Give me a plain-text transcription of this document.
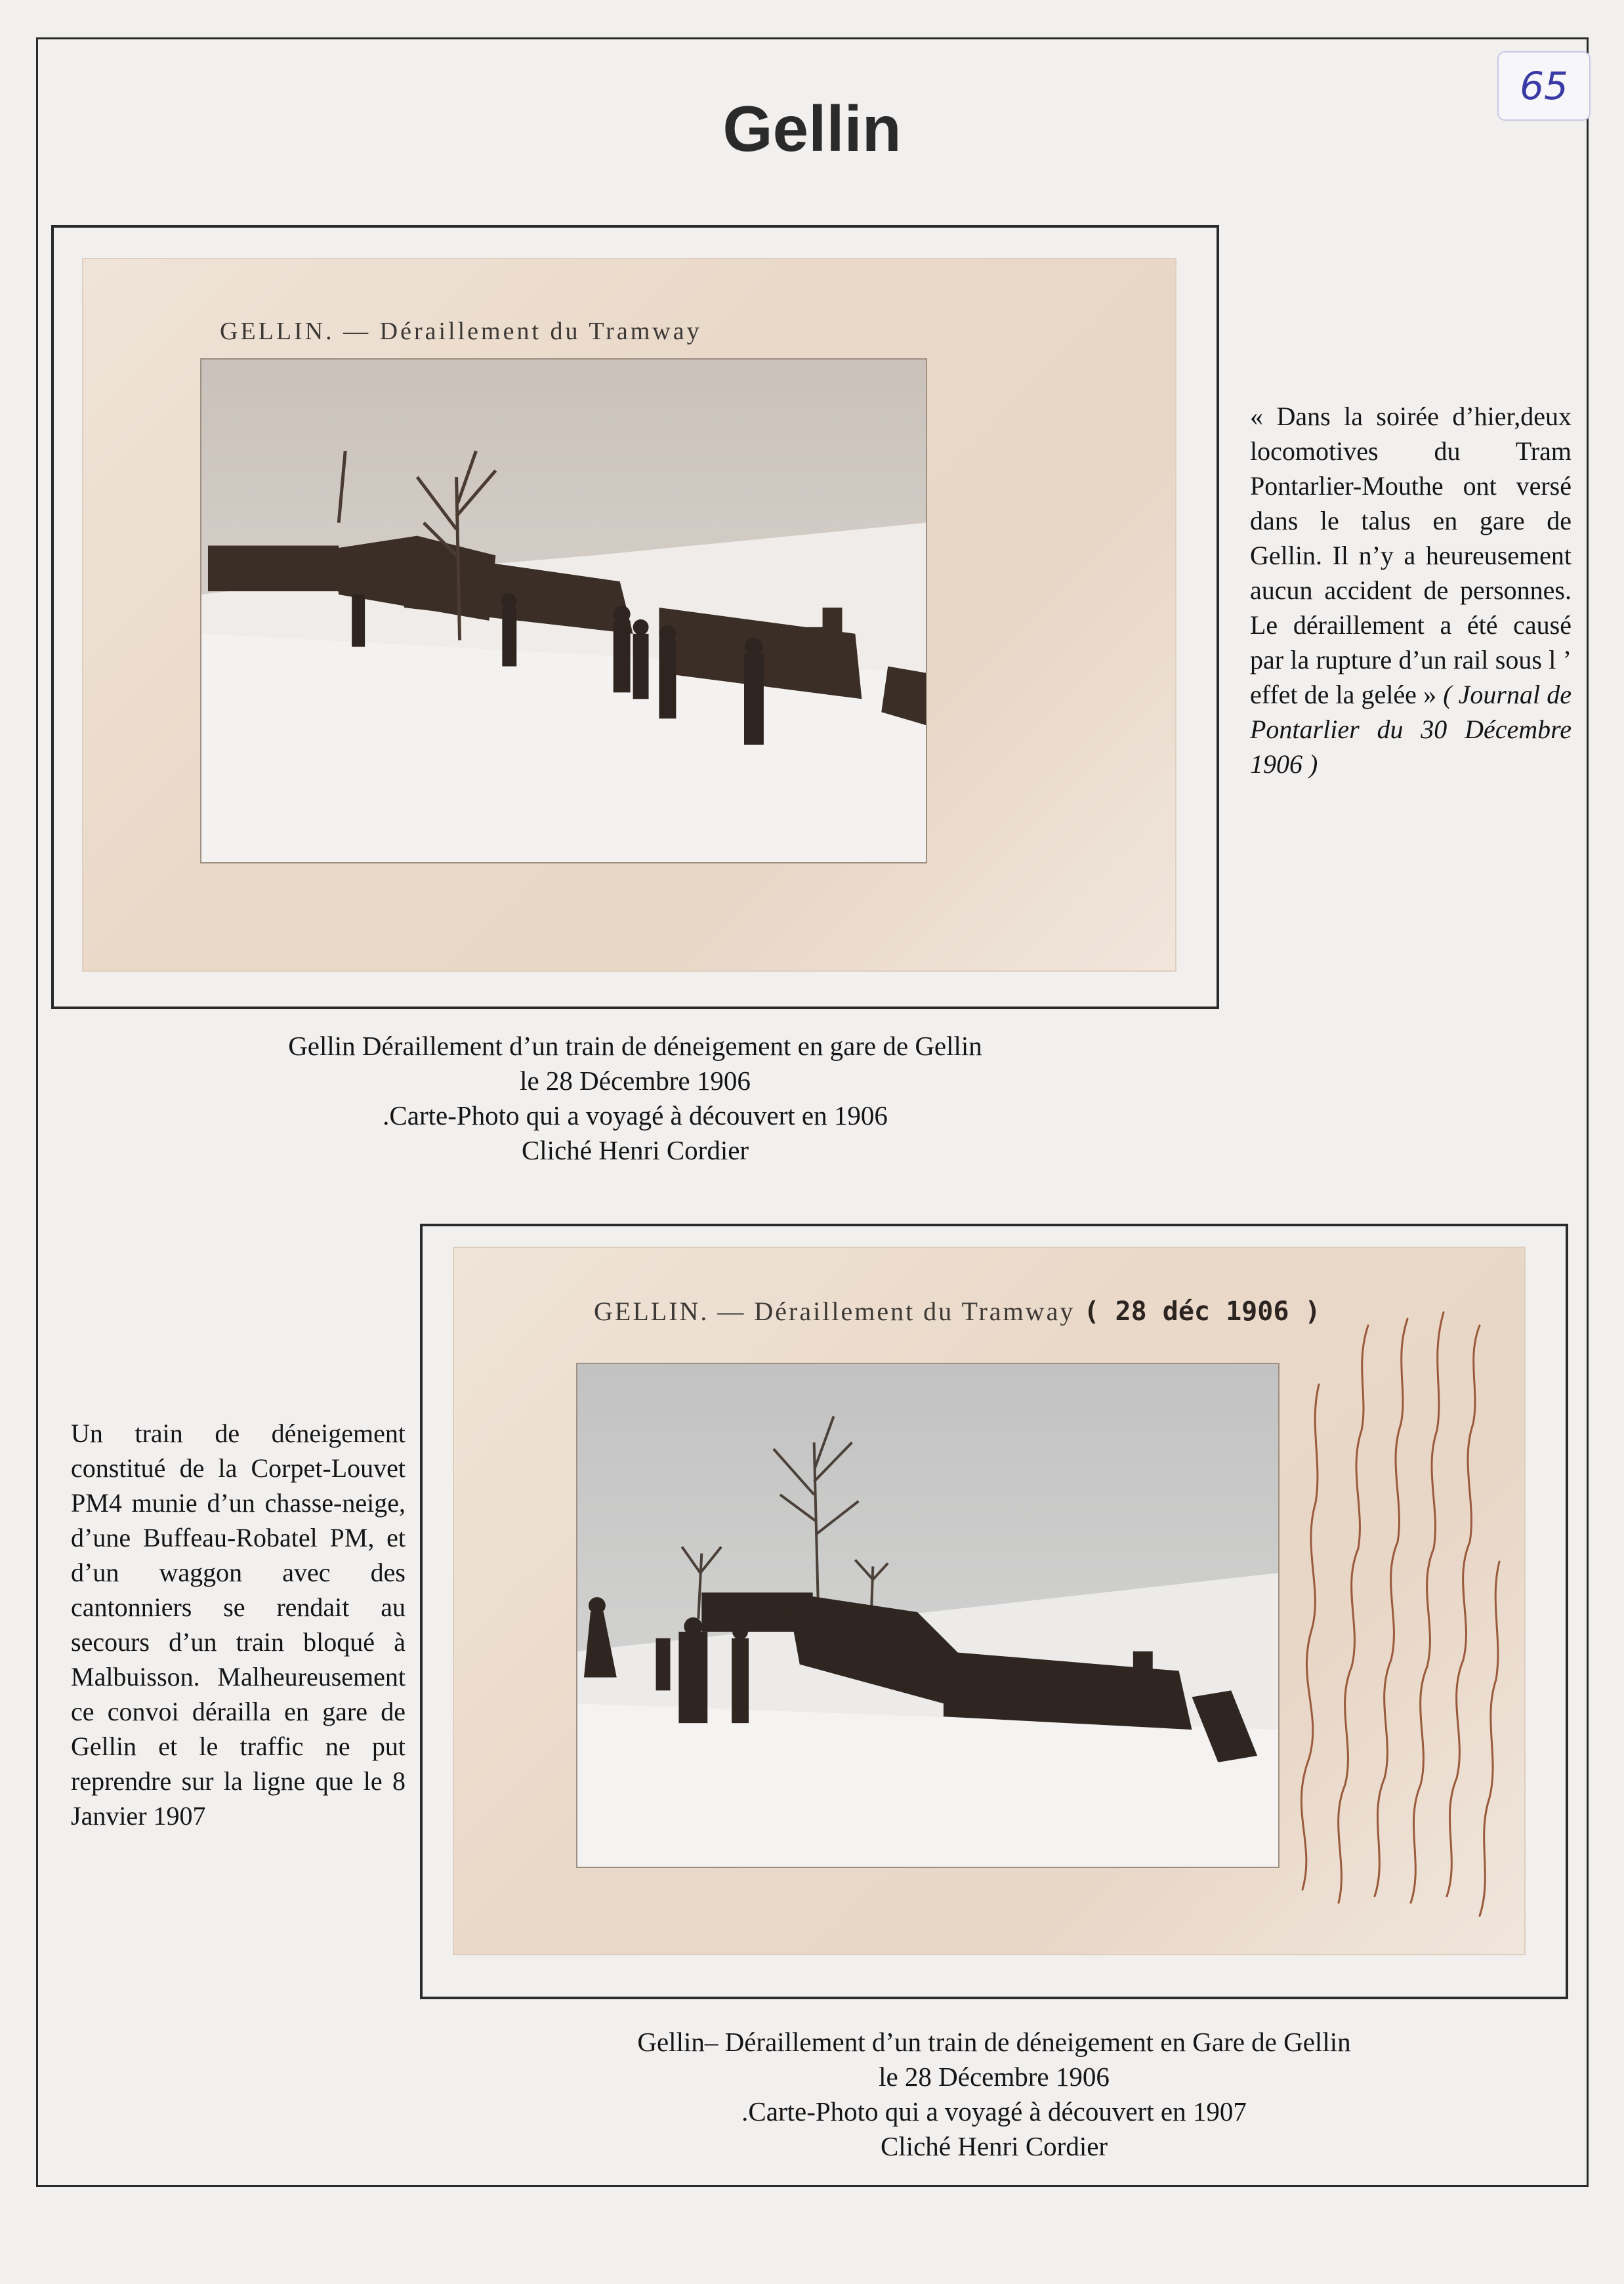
65
Gellin
GELLIN. — Déraillement du Tramway
Gellin Déraillement d’un train de déneigement en gare de Gellin
le 28 Décembre 1906
.Carte-Photo qui a voyagé à découvert en 1906
Cliché Henri Cordier
« Dans la soirée d’hier,deux locomotives du Tram Pontarlier-Mouthe ont versé dans le talus en gare de Gellin. Il n’y a heureusement aucun accident de personnes. Le déraillement a été causé par la rupture d’un rail sous l ’ effet de la gelée » ( Journal de Pontarlier du 30 Décembre 1906 )
GELLIN. — Déraillement du Tramway ( 28 déc 1906 )
Un train de déneigement constitué de la Corpet-Louvet PM4 munie d’un chasse-neige, d’une Buffeau-Robatel PM, et d’un waggon avec des cantonniers se rendait au secours d’un train bloqué à Malbuisson. Malheureusement ce convoi dérailla en gare de Gellin et le traffic ne put reprendre sur la ligne que le 8 Janvier 1907
Gellin– Déraillement d’un train de déneigement en Gare de Gellin
le 28 Décembre 1906
.Carte-Photo qui a voyagé à découvert en 1907
Cliché Henri Cordier
